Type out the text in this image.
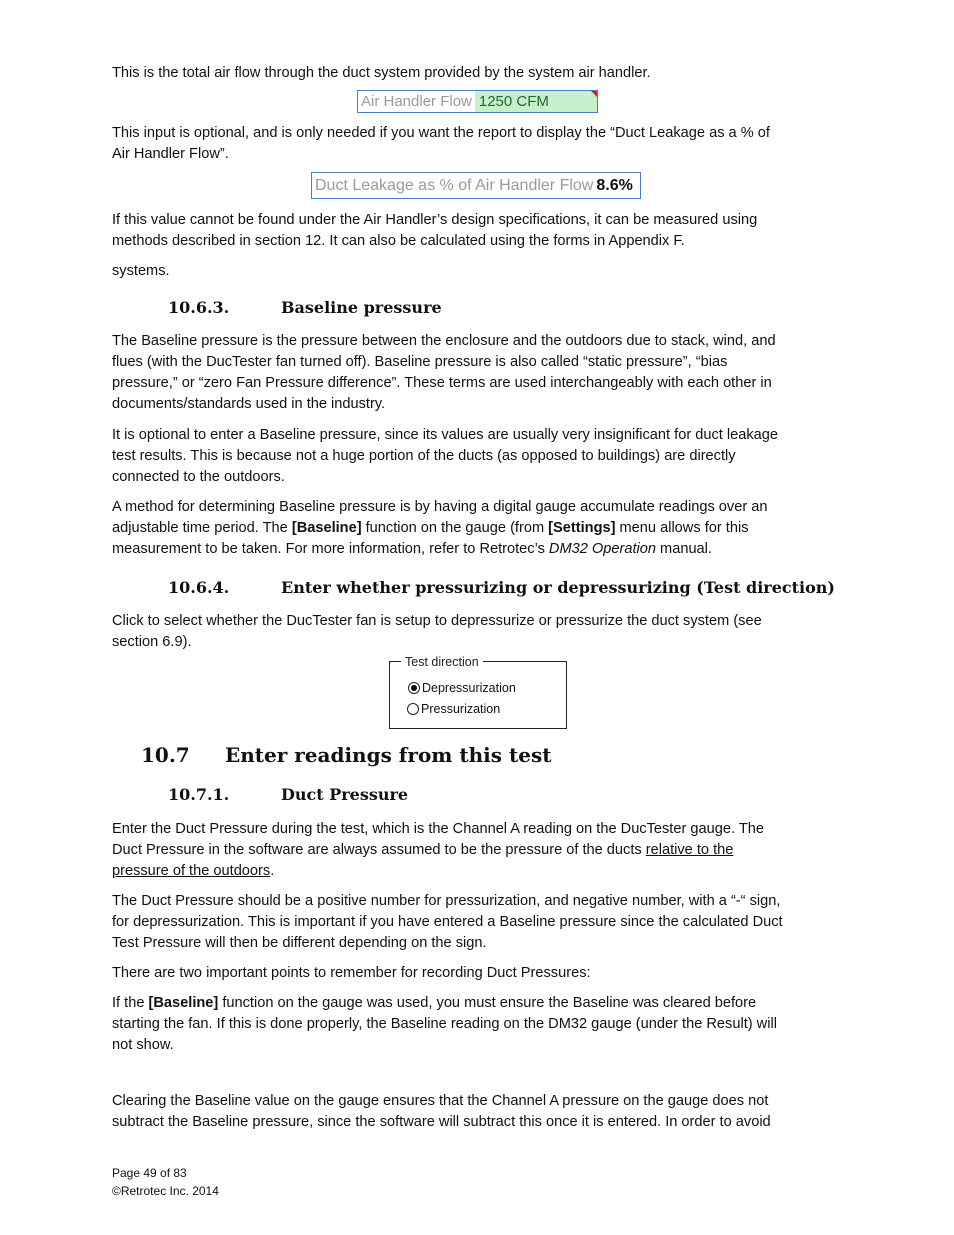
This is the total air flow through the duct system provided by the system air handler.
Air Handler Flow 1250 CFM
This input is optional, and is only needed if you want the report to display the “Duct Leakage as a % of
Air Handler Flow”.
Duct Leakage as % of Air Handler Flow 8.6%
If this value cannot be found under the Air Handler’s design specifications, it can be measured using
methods described in section 12. It can also be calculated using the forms in Appendix F.
systems.
10.6.3.	Baseline pressure
The Baseline pressure is the pressure between the enclosure and the outdoors due to stack, wind, and
flues (with the DucTester fan turned off). Baseline pressure is also called “static pressure”, “bias
pressure,” or “zero Fan Pressure difference”. These terms are used interchangeably with each other in
documents/standards used in the industry.
It is optional to enter a Baseline pressure, since its values are usually very insignificant for duct leakage
test results. This is because not a huge portion of the ducts (as opposed to buildings) are directly
connected to the outdoors.
A method for determining Baseline pressure is by having a digital gauge accumulate readings over an
adjustable time period. The [Baseline] function on the gauge (from [Settings] menu allows for this
measurement to be taken. For more information, refer to Retrotec’s DM32 Operation manual.
10.6.4.	Enter whether pressurizing or depressurizing (Test direction)
Click to select whether the DucTester fan is setup to depressurize or pressurize the duct system (see
section 6.9).
Test direction
Depressurization
Pressurization
10.7 Enter readings from this test
10.7.1.	Duct Pressure
Enter the Duct Pressure during the test, which is the Channel A reading on the DucTester gauge. The
Duct Pressure in the software are always assumed to be the pressure of the ducts relative to the
pressure of the outdoors.
The Duct Pressure should be a positive number for pressurization, and negative number, with a “-“ sign,
for depressurization. This is important if you have entered a Baseline pressure since the calculated Duct
Test Pressure will then be different depending on the sign.
There are two important points to remember for recording Duct Pressures:
If the [Baseline] function on the gauge was used, you must ensure the Baseline was cleared before
starting the fan. If this is done properly, the Baseline reading on the DM32 gauge (under the Result) will
not show.
Clearing the Baseline value on the gauge ensures that the Channel A pressure on the gauge does not
subtract the Baseline pressure, since the software will subtract this once it is entered. In order to avoid
Page 49 of 83
©Retrotec Inc. 2014
